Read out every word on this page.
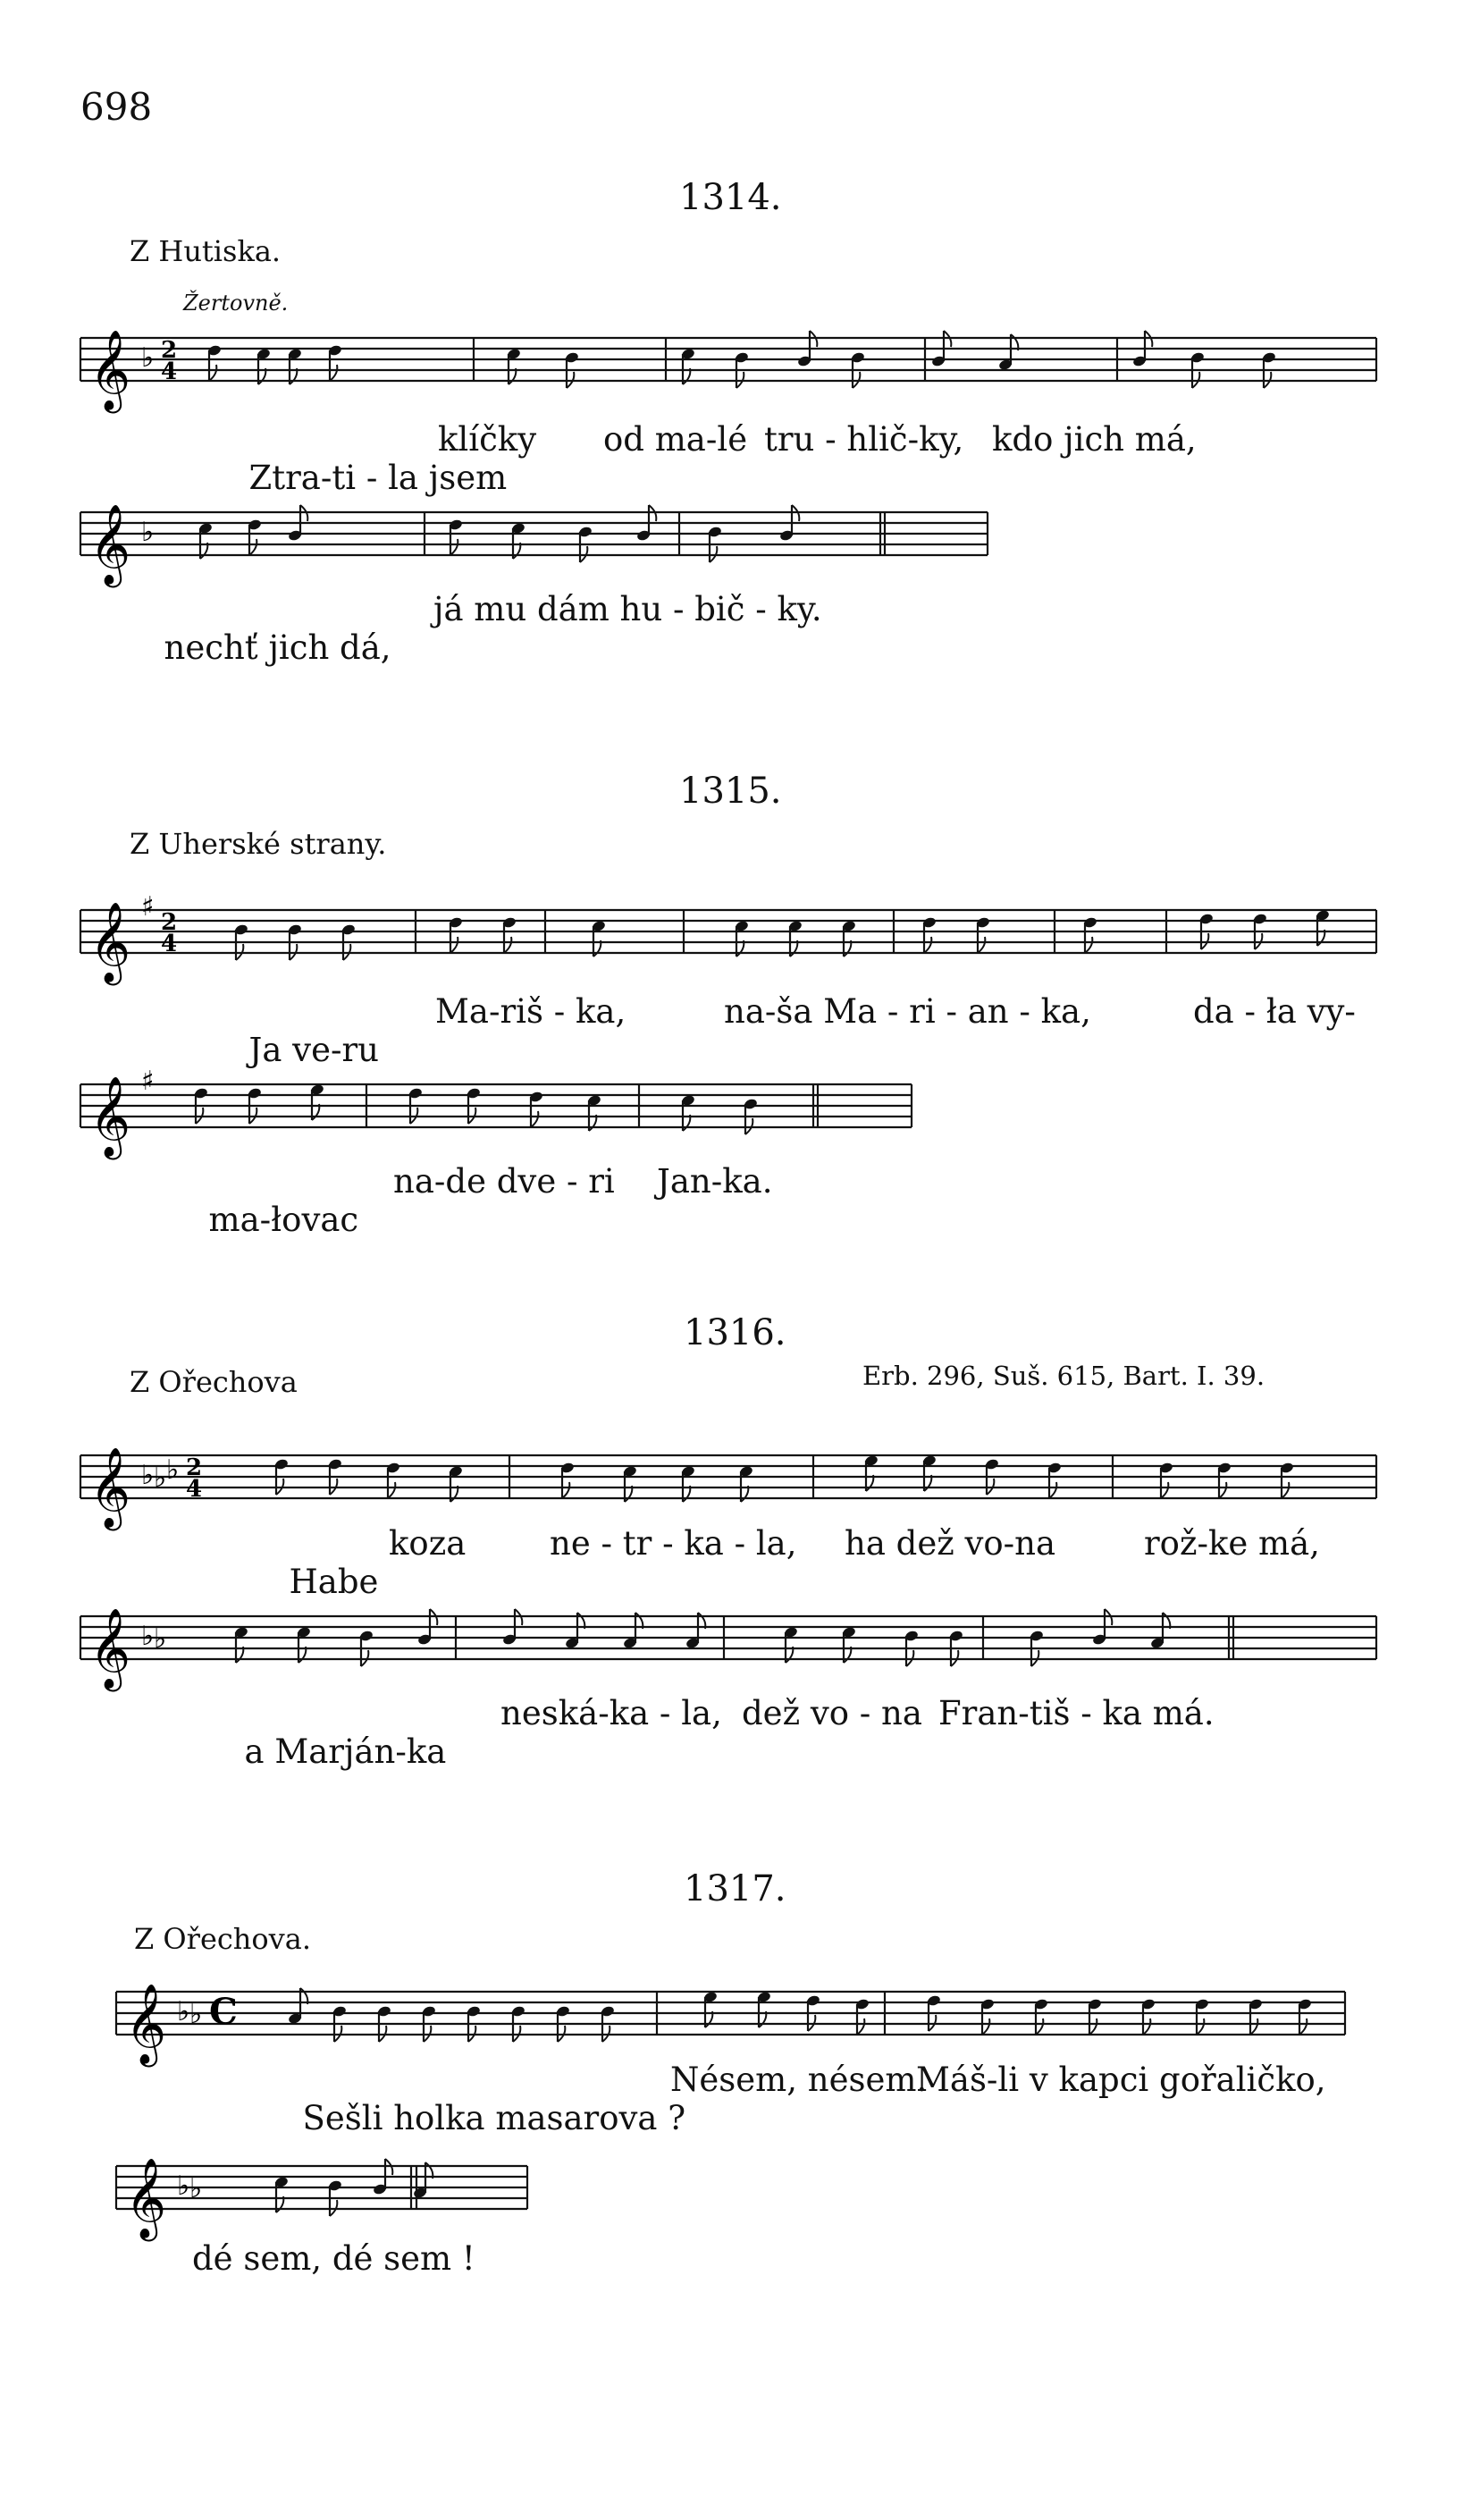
698
1314.
Z Hutiska.
Žertovně.
𝄞 ♭ 2
4

Ztra-ti - la jsem

klíčky

od ma-lé

tru - hlič-ky,

kdo jich má,

𝄞 ♭

nechť jich dá,

já mu dám hu - bič - ky.

1315.
Z Uherské strany.
𝄞 ♯ 2
4

Ja ve-ru

Ma-riš - ka,

	na-ša Ma - ri - an - ka,

	da - ła vy-

𝄞 ♯

ma-łovac

na-de dve - ri

Jan-ka.

1316.
Z Ořechova	Erb. 296, Suš. 615, Bart. I. 39.
𝄞 ♭ ♭ ♭ 2
4

Habe

koza

	ne - tr - ka - la,

ha dež vo-na

	rož-ke má,

𝄞 ♭ ♭

a Marján-ka

neská-ka - la,

dež vo - na

Fran-tiš - ka má.

1317.
Z Ořechova.
𝄞 ♭ ♭ C

Sešli holka masarova ?

Nésem, nésem.

Máš-li v kapci gořaličko,

𝄞 ♭ ♭
dé sem, dé sem !
